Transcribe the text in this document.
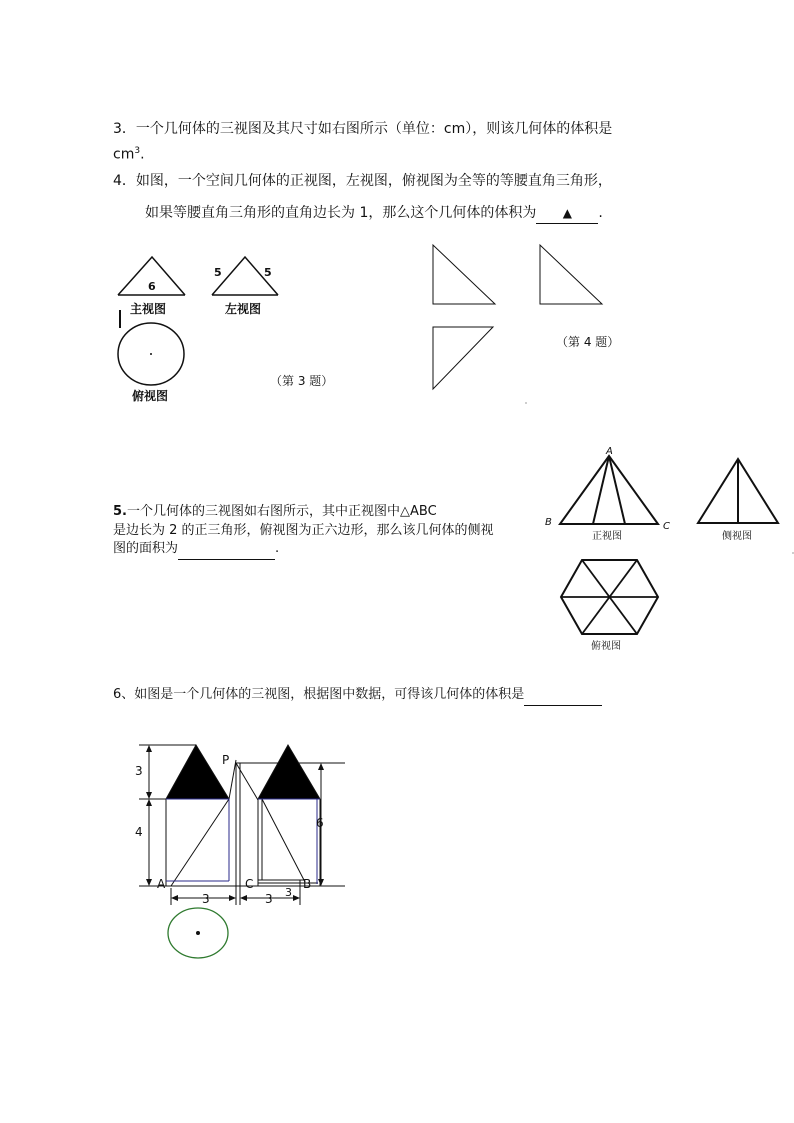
3．一个几何体的三视图及其尺寸如右图所示（单位：cm），则该几何体的体积是
$cm^3$.
4．如图，一个空间几何体的正视图，左视图，俯视图为全等的等腰直角三角形，
如果等腰直角三角形的直角边长为 1，那么这个几何体的体积为 ▲ .
6
主视图
5	5
左视图
俯视图
（第 3 题）
（第 4 题）
5.一个几何体的三视图如右图所示，其中正视图中△ABC
是边长为 2 的正三角形，俯视图为正六边形，那么该几何体的侧视
图的面积为	.
A
B	C
正视图	侧视图
俯视图
6、如图是一个几何体的三视图，根据图中数据，可得该几何体的体积是
3
4
A
P
C	B
3
6
3	3
